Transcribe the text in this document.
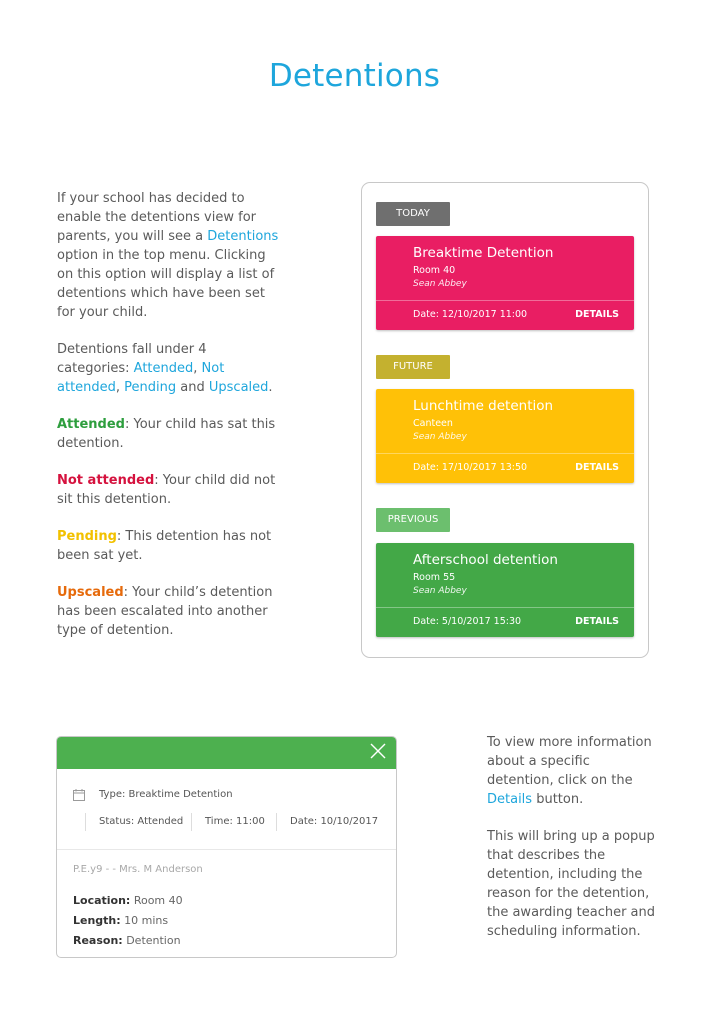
Detentions

If your school has decided to enable the detentions view for parents, you will see a Detentions option in the top menu. Clicking on this option will display a list of detentions which have been set for your child.

Detentions fall under 4 categories: Attended, Not attended, Pending and Upscaled.

Attended: Your child has sat this detention.

Not attended: Your child did not sit this detention.

Pending: This detention has not been sat yet.

Upscaled: Your child’s detention has been escalated into another type of detention.

TODAY
Breaktime Detention
Room 40
Sean Abbey
Date: 12/10/2017 11:00	DETAILS
FUTURE
Lunchtime detention
Canteen
Sean Abbey
Date: 17/10/2017 13:50	DETAILS
PREVIOUS
Afterschool detention
Room 55
Sean Abbey
Date: 5/10/2017 15:30	DETAILS
Type: Breaktime Detention
Status: Attended Time: 11:00	Date: 10/10/2017
P.E.y9 - - Mrs. M Anderson
Location: Room 40
Length: 10 mins
Reason: Detention

To view more information about a specific detention, click on the Details button.

This will bring up a popup that describes the detention, including the reason for the detention, the awarding teacher and scheduling information.
